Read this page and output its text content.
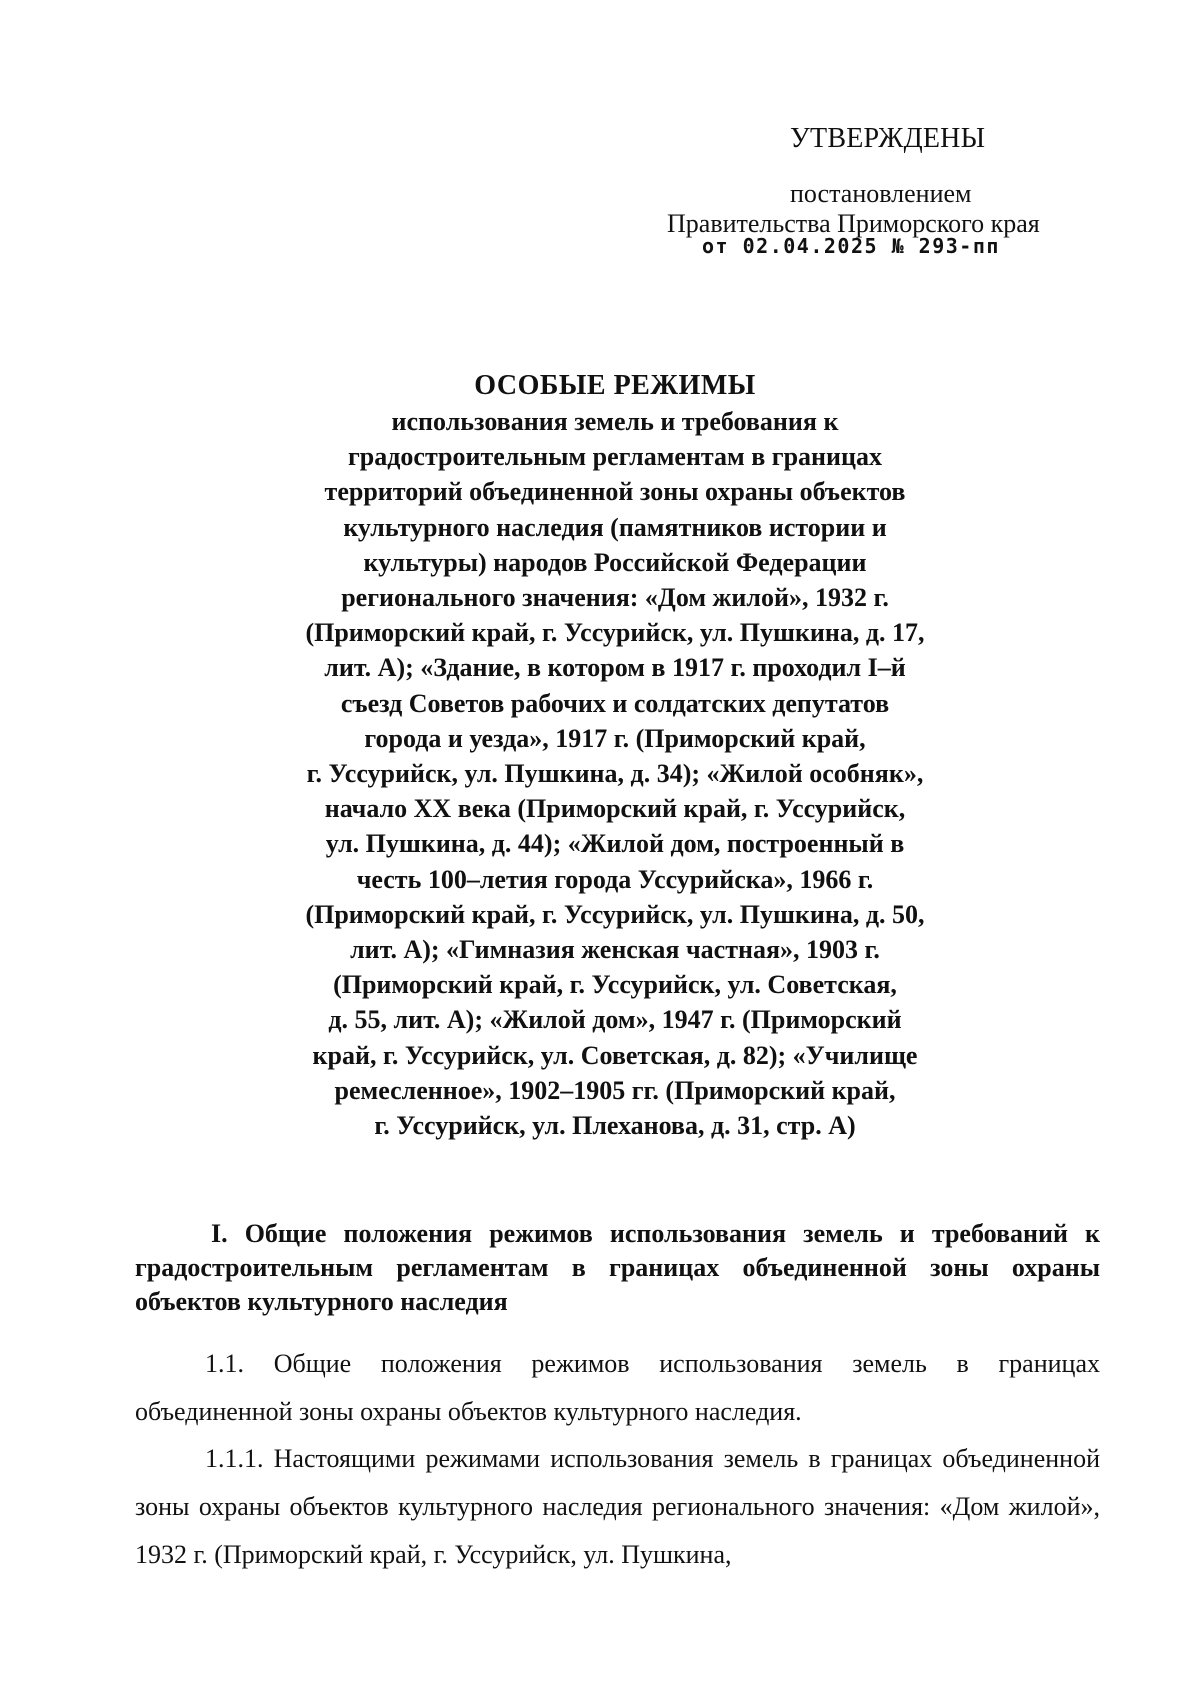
УТВЕРЖДЕНЫ
постановлением
Правительства Приморского края
от 02.04.2025 № 293-пп
ОСОБЫЕ РЕЖИМЫ
использования земель и требования к
градостроительным регламентам в границах
территорий объединенной зоны охраны объектов
культурного наследия (памятников истории и
культуры) народов Российской Федерации
регионального значения: «Дом жилой», 1932 г.
(Приморский край, г. Уссурийск, ул. Пушкина, д. 17,
лит. А); «Здание, в котором в 1917 г. проходил I–й
съезд Советов рабочих и солдатских депутатов
города и уезда», 1917 г. (Приморский край,
г. Уссурийск, ул. Пушкина, д. 34); «Жилой особняк»,
начало XX века (Приморский край, г. Уссурийск,
ул. Пушкина, д. 44); «Жилой дом, построенный в
честь 100–летия города Уссурийска», 1966 г.
(Приморский край, г. Уссурийск, ул. Пушкина, д. 50,
лит. А); «Гимназия женская частная», 1903 г.
(Приморский край, г. Уссурийск, ул. Советская,
д. 55, лит. А); «Жилой дом», 1947 г. (Приморский
край, г. Уссурийск, ул. Советская, д. 82); «Училище
ремесленное», 1902–1905 гг. (Приморский край,
г. Уссурийск, ул. Плеханова, д. 31, стр. А)
I. Общие положения режимов использования земель и требований к градостроительным регламентам в границах объединенной зоны охраны объектов культурного наследия
1.1. Общие положения режимов использования земель в границах объединенной зоны охраны объектов культурного наследия.
1.1.1. Настоящими режимами использования земель в границах объединенной зоны охраны объектов культурного наследия регионального значения: «Дом жилой», 1932 г. (Приморский край, г. Уссурийск, ул. Пушкина,
